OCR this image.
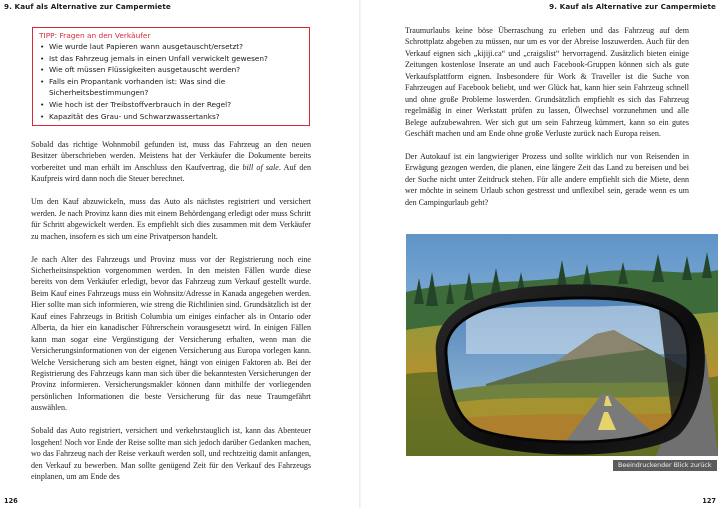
9. Kauf als Alternative zur Campermiete
TIPP: Fragen an den Verkäufer
• Wie wurde laut Papieren wann ausgetauscht/ersetzt?
• Ist das Fahrzeug jemals in einen Unfall verwickelt gewesen?
• Wie oft müssen Flüssigkeiten ausgetauscht werden?
• Falls ein Propantank vorhanden ist: Was sind die Sicherheitsbestimmungen?
• Wie hoch ist der Treibstoffverbrauch in der Regel?
• Kapazität des Grau- und Schwarzwassertanks?

Sobald das richtige Wohnmobil gefunden ist, muss das Fahrzeug an den neuen Besitzer überschrieben werden. Meistens hat der Verkäufer die Dokumente bereits vorbereitet und man erhält im Anschluss den Kaufvertrag, die bill of sale. Auf den Kaufpreis wird dann noch die Steuer berechnet.

Um den Kauf abzuwickeln, muss das Auto als nächstes registriert und versichert werden. Je nach Provinz kann dies mit einem Behördengang erledigt oder muss Schritt für Schritt abgewickelt werden. Es empfiehlt sich dies zusammen mit dem Verkäufer zu machen, insofern es sich um eine Privatperson handelt.

Je nach Alter des Fahrzeugs und Provinz muss vor der Registrierung noch eine Sicherheitsinspektion vorgenommen werden. In den meisten Fällen wurde diese bereits von dem Verkäufer erledigt, bevor das Fahrzeug zum Verkauf gestellt wurde. Beim Kauf eines Fahrzeugs muss ein Wohnsitz/Adresse in Kanada angegeben werden. Hier sollte man sich informieren, wie streng die Richtlinien sind. Grundsätzlich ist der Kauf eines Fahrzeugs in British Columbia um einiges einfacher als in Ontario oder Alberta, da hier ein kanadischer Führerschein vorausgesetzt wird. In einigen Fällen kann man sogar eine Vergünstigung der Versicherung erhalten, wenn man die Versicherungsinformationen von der eigenen Versicherung aus Europa vorlegen kann. Welche Versicherung sich am besten eignet, hängt von einigen Faktoren ab. Bei der Registrierung des Fahrzeugs kann man sich über die bekanntesten Versicherungen der Provinz informieren. Versicherungsmakler können dann mithilfe der vorliegenden persönlichen Informationen die beste Versicherung für das neue Traumgefährt auswählen.

Sobald das Auto registriert, versichert und verkehrstauglich ist, kann das Abenteuer losgehen! Noch vor Ende der Reise sollte man sich jedoch darüber Gedanken machen, wo das Fahrzeug nach der Reise verkauft werden soll, und rechtzeitig damit anfangen, den Verkauf zu bewerben. Man sollte genügend Zeit für den Verkauf des Fahrzeugs einplanen, um am Ende des

126
9. Kauf als Alternative zur Campermiete

Traumurlaubs keine böse Überraschung zu erleben und das Fahrzeug auf dem Schrottplatz abgeben zu müssen, nur um es vor der Abreise loszuwerden. Auch für den Verkauf eignen sich „kijiji.ca“ und „craigslist“ hervorragend. Zusätzlich bieten einige Zeitungen kostenlose Inserate an und auch Facebook-Gruppen können sich als gute Verkaufsplattform eignen. Insbesondere für Work & Traveller ist die Suche von Fahrzeugen auf Facebook beliebt, und wer Glück hat, kann hier sein Fahrzeug schnell und ohne große Probleme loswerden. Grundsätzlich empfiehlt es sich das Fahrzeug regelmäßig in einer Werkstatt prüfen zu lassen, Ölwechsel vorzunehmen und alle Belege aufzubewahren. Wer sich gut um sein Fahrzeug kümmert, kann so ein gutes Geschäft machen und am Ende ohne große Verluste zurück nach Europa reisen.

Der Autokauf ist ein langwieriger Prozess und sollte wirklich nur von Reisenden in Erwägung gezogen werden, die planen, eine längere Zeit das Land zu bereisen und bei der Suche nicht unter Zeitdruck stehen. Für alle andere empfiehlt sich die Miete, denn wer möchte in seinem Urlaub schon gestresst und unflexibel sein, gerade wenn es um den Campingurlaub geht?

127
Beeindruckender Blick zurück
